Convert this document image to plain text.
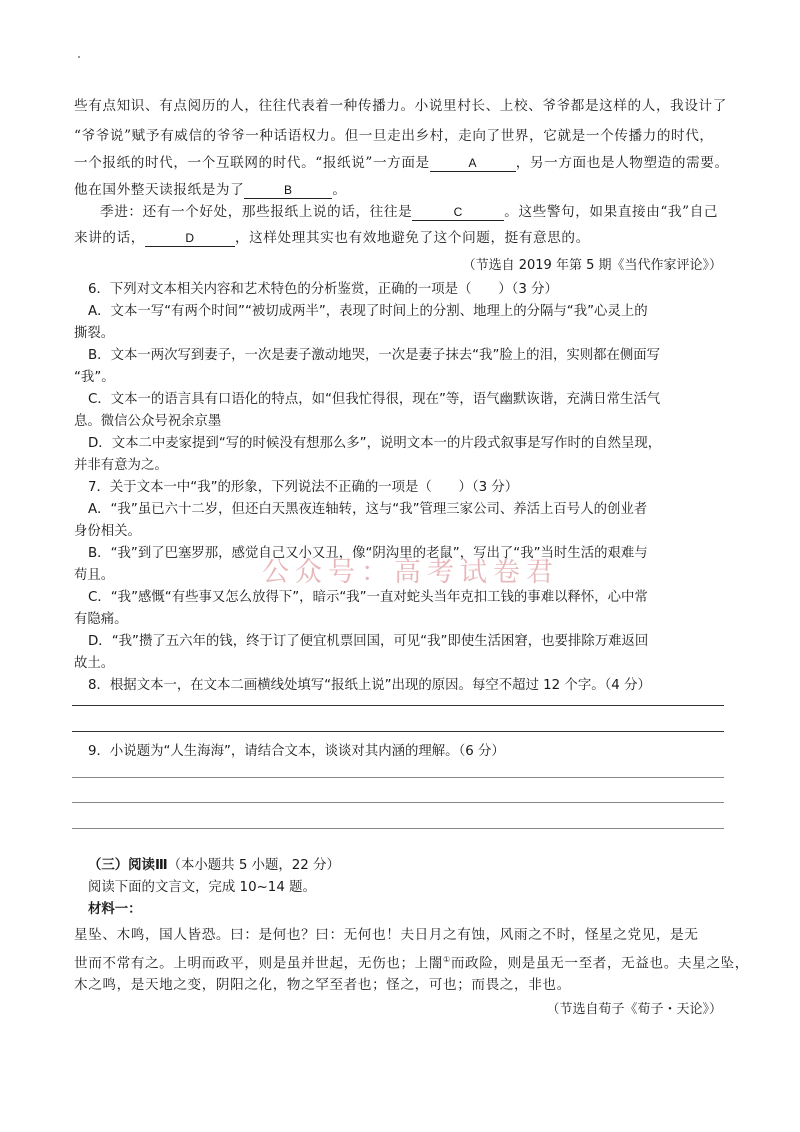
些有点知识、有点阅历的人，往往代表着一种传播力。小说里村长、上校、爷爷都是这样的人，我设计了
“爷爷说”赋予有威信的爷爷一种话语权力。但一旦走出乡村，走向了世界，它就是一个传播力的时代，
一个报纸的时代，一个互联网的时代。“报纸说”一方面是	A	，另一方面也是人物塑造的需要。
他在国外整天读报纸是为了	B	。
季进：还有一个好处，那些报纸上说的话，往往是	C	。这些警句，如果直接由“我”自己
来讲的话，	D	，这样处理其实也有效地避免了这个问题，挺有意思的。
（节选自 2019 年第 5 期《当代作家评论》）
6．下列对文本相关内容和艺术特色的分析鉴赏，正确的一项是（　　）（3 分）
A．文本一写“有两个时间”“被切成两半”，表现了时间上的分割、地理上的分隔与“我”心灵上的
撕裂。
B．文本一两次写到妻子，一次是妻子激动地哭，一次是妻子抹去“我”脸上的泪，实则都在侧面写
“我”。
C．文本一的语言具有口语化的特点，如“但我忙得很，现在”等，语气幽默诙谐，充满日常生活气
息。微信公众号祝余京墨
D．文本二中麦家提到“写的时候没有想那么多”，说明文本一的片段式叙事是写作时的自然呈现，
并非有意为之。
7．关于文本一中“我”的形象，下列说法不正确的一项是（　　）（3 分）
A．“我”虽已六十二岁，但还白天黑夜连轴转，这与“我”管理三家公司、养活上百号人的创业者
身份相关。
B．“我”到了巴塞罗那，感觉自己又小又丑，像“阴沟里的老鼠”，写出了“我”当时生活的艰难与
苟且。
C．“我”感慨“有些事又怎么放得下”，暗示“我”一直对蛇头当年克扣工钱的事难以释怀，心中常
有隐痛。
D．“我”攒了五六年的钱，终于订了便宜机票回国，可见“我”即使生活困窘，也要排除万难返回
故土。
8．根据文本一，在文本二画横线处填写“报纸上说”出现的原因。每空不超过 12 个字。（4 分）
9．小说题为“人生海海”，请结合文本，谈谈对其内涵的理解。（6 分）
（三）阅读Ⅲ（本小题共 5 小题，22 分）
阅读下面的文言文，完成 10~14 题。
材料一：
星坠、木鸣，国人皆恐。曰：是何也？曰：无何也！夫日月之有蚀，风雨之不时，怪星之党见，是无
世而不常有之。上明而政平，则是虽并世起，无伤也；上闇①而政险，则是虽无一至者，无益也。夫星之坠，
木之鸣，是天地之变，阴阳之化，物之罕至者也；怪之，可也；而畏之，非也。
（节选自荀子《荀子・天论》）
公众号：高考试卷君
